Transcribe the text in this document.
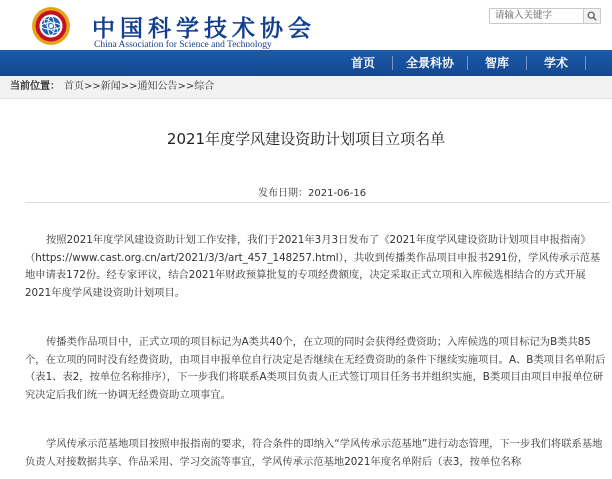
中国科学技术协会
China Association for Science and Technology
请输入关键字
首页	全景科协	智库	学术
当前位置： 首页>>新闻>>通知公告>>综合
2021年度学风建设资助计划项目立项名单
发布日期：2021-06-16

按照2021年度学风建设资助计划工作安排，我们于2021年3月3日发布了《2021年度学风建设资助计划项目申报指南》（https://www.cast.org.cn/art/2021/3/3/art_457_148257.html），共收到传播类作品项目申报书291份，学风传承示范基地申请表172份。经专家评议，结合2021年财政预算批复的专项经费额度，决定采取正式立项和入库候选相结合的方式开展2021年度学风建设资助计划项目。

传播类作品项目中，正式立项的项目标记为A类共40个，在立项的同时会获得经费资助；入库候选的项目标记为B类共85个，在立项的同时没有经费资助，由项目申报单位自行决定是否继续在无经费资助的条件下继续实施项目。A、B类项目名单附后（表1、表2，按单位名称排序），下一步我们将联系A类项目负责人正式签订项目任务书并组织实施，B类项目由项目申报单位研究决定后我们统一协调无经费资助立项事宜。

学风传承示范基地项目按照申报指南的要求，符合条件的即纳入“学风传承示范基地”进行动态管理，下一步我们将联系基地负责人对接数据共享、作品采用、学习交流等事宜，学风传承示范基地2021年度名单附后（表3，按单位名称
